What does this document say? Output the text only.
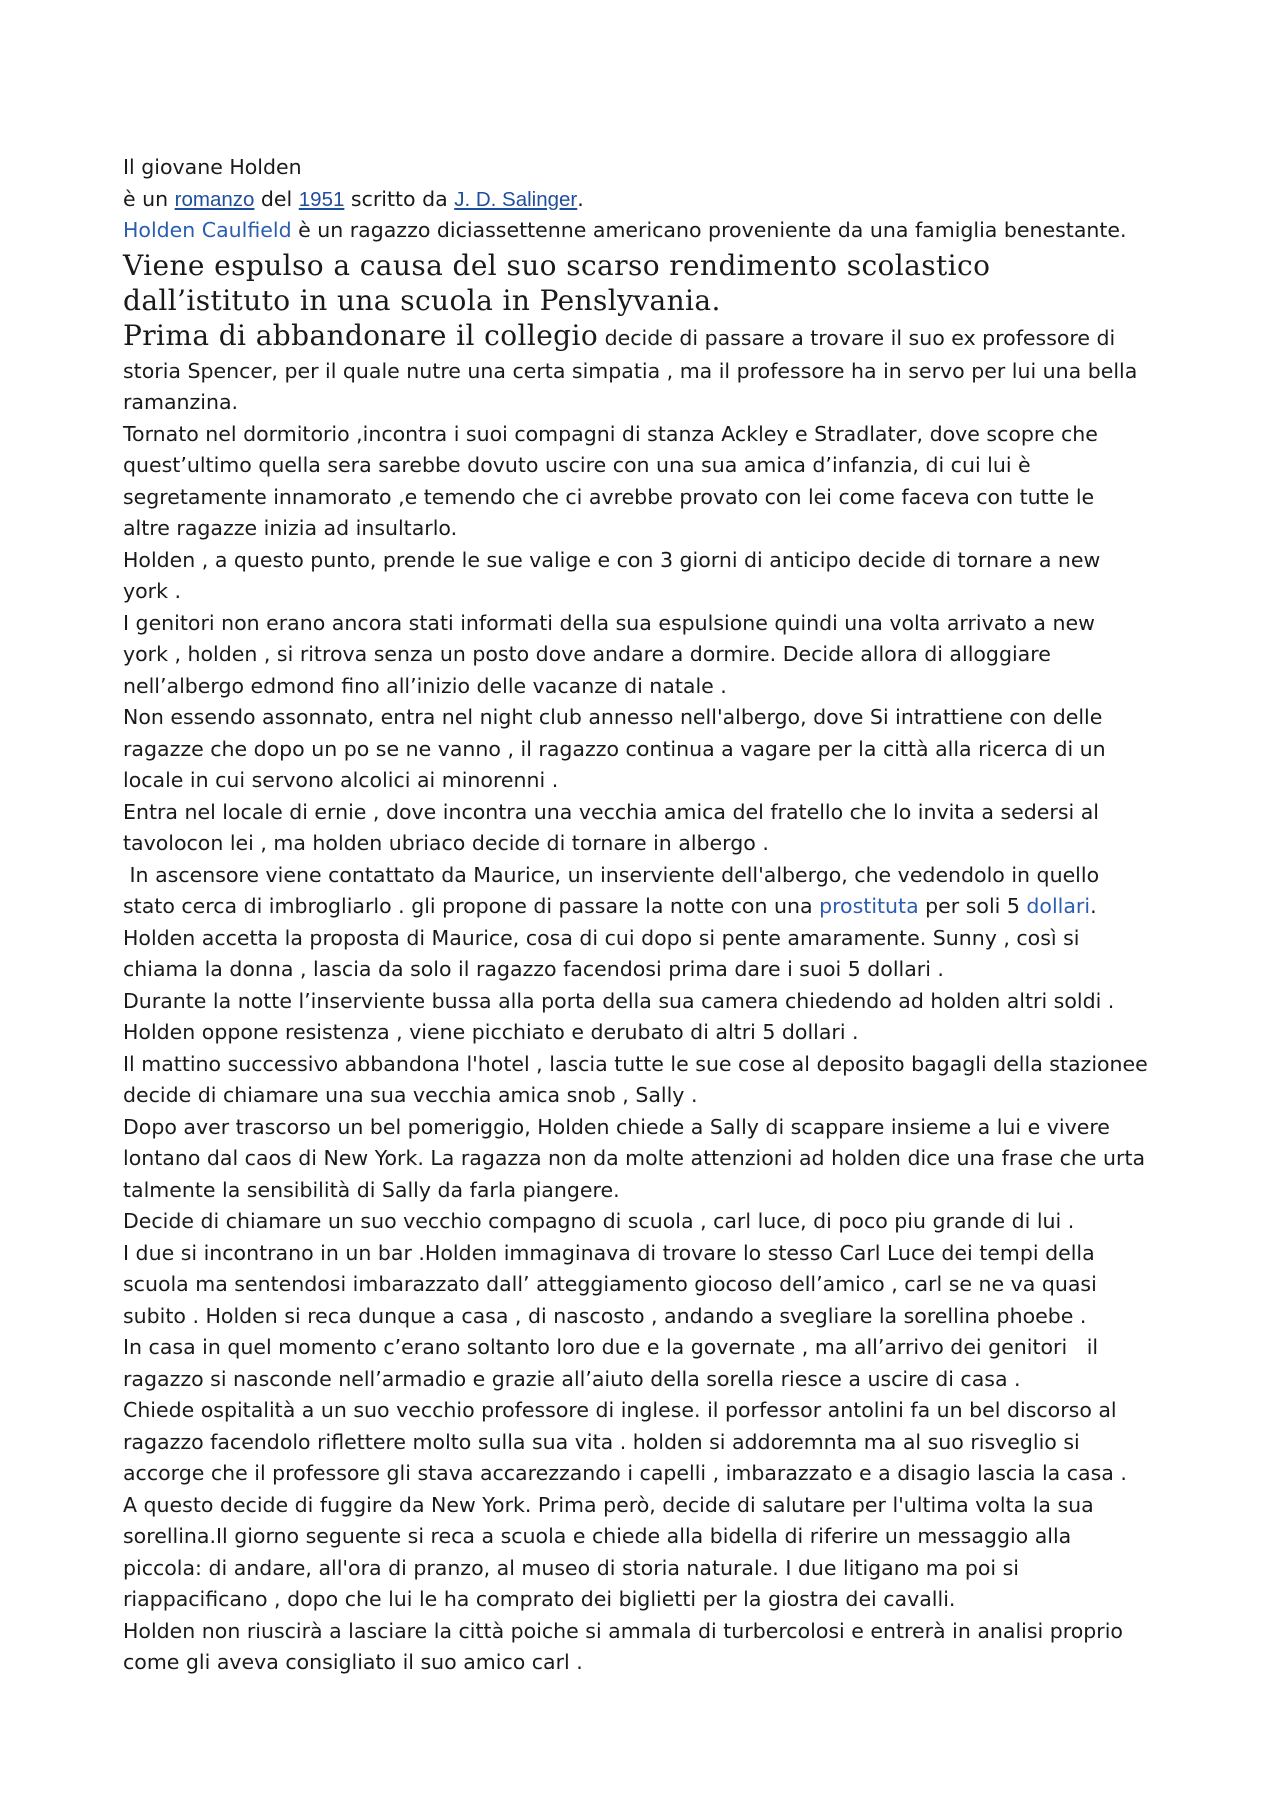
Il giovane Holden
è un romanzo del 1951 scritto da J. D. Salinger.
Holden Caulfield è un ragazzo diciassettenne americano proveniente da una famiglia benestante.
Viene espulso a causa del suo scarso rendimento scolastico
dall’istituto in una scuola in Penslyvania.
Prima di abbandonare il collegio decide di passare a trovare il suo ex professore di
storia Spencer, per il quale nutre una certa simpatia , ma il professore ha in servo per lui una bella
ramanzina.
Tornato nel dormitorio ,incontra i suoi compagni di stanza Ackley e Stradlater, dove scopre che
quest’ultimo quella sera sarebbe dovuto uscire con una sua amica d’infanzia, di cui lui è
segretamente innamorato ,e temendo che ci avrebbe provato con lei come faceva con tutte le
altre ragazze inizia ad insultarlo.
Holden , a questo punto, prende le sue valige e con 3 giorni di anticipo decide di tornare a new
york .
I genitori non erano ancora stati informati della sua espulsione quindi una volta arrivato a new
york , holden , si ritrova senza un posto dove andare a dormire. Decide allora di alloggiare
nell’albergo edmond fino all’inizio delle vacanze di natale .
Non essendo assonnato, entra nel night club annesso nell'albergo, dove Si intrattiene con delle
ragazze che dopo un po se ne vanno , il ragazzo continua a vagare per la città alla ricerca di un
locale in cui servono alcolici ai minorenni .
Entra nel locale di ernie , dove incontra una vecchia amica del fratello che lo invita a sedersi al
tavolocon lei , ma holden ubriaco decide di tornare in albergo .
In ascensore viene contattato da Maurice, un inserviente dell'albergo, che vedendolo in quello
stato cerca di imbrogliarlo . gli propone di passare la notte con una prostituta per soli 5 dollari.
Holden accetta la proposta di Maurice, cosa di cui dopo si pente amaramente. Sunny , così si
chiama la donna , lascia da solo il ragazzo facendosi prima dare i suoi 5 dollari .
Durante la notte l’inserviente bussa alla porta della sua camera chiedendo ad holden altri soldi .
Holden oppone resistenza , viene picchiato e derubato di altri 5 dollari .
Il mattino successivo abbandona l'hotel , lascia tutte le sue cose al deposito bagagli della stazionee
decide di chiamare una sua vecchia amica snob , Sally .
Dopo aver trascorso un bel pomeriggio, Holden chiede a Sally di scappare insieme a lui e vivere
lontano dal caos di New York. La ragazza non da molte attenzioni ad holden dice una frase che urta
talmente la sensibilità di Sally da farla piangere.
Decide di chiamare un suo vecchio compagno di scuola , carl luce, di poco piu grande di lui .
I due si incontrano in un bar .Holden immaginava di trovare lo stesso Carl Luce dei tempi della
scuola ma sentendosi imbarazzato dall’ atteggiamento giocoso dell’amico , carl se ne va quasi
subito . Holden si reca dunque a casa , di nascosto , andando a svegliare la sorellina phoebe .
In casa in quel momento c’erano soltanto loro due e la governate , ma all’arrivo dei genitori   il
ragazzo si nasconde nell’armadio e grazie all’aiuto della sorella riesce a uscire di casa .
Chiede ospitalità a un suo vecchio professore di inglese. il porfessor antolini fa un bel discorso al
ragazzo facendolo riflettere molto sulla sua vita . holden si addoremnta ma al suo risveglio si
accorge che il professore gli stava accarezzando i capelli , imbarazzato e a disagio lascia la casa .
A questo decide di fuggire da New York. Prima però, decide di salutare per l'ultima volta la sua
sorellina.Il giorno seguente si reca a scuola e chiede alla bidella di riferire un messaggio alla
piccola: di andare, all'ora di pranzo, al museo di storia naturale. I due litigano ma poi si
riappacificano , dopo che lui le ha comprato dei biglietti per la giostra dei cavalli.
Holden non riuscirà a lasciare la città poiche si ammala di turbercolosi e entrerà in analisi proprio
come gli aveva consigliato il suo amico carl .
